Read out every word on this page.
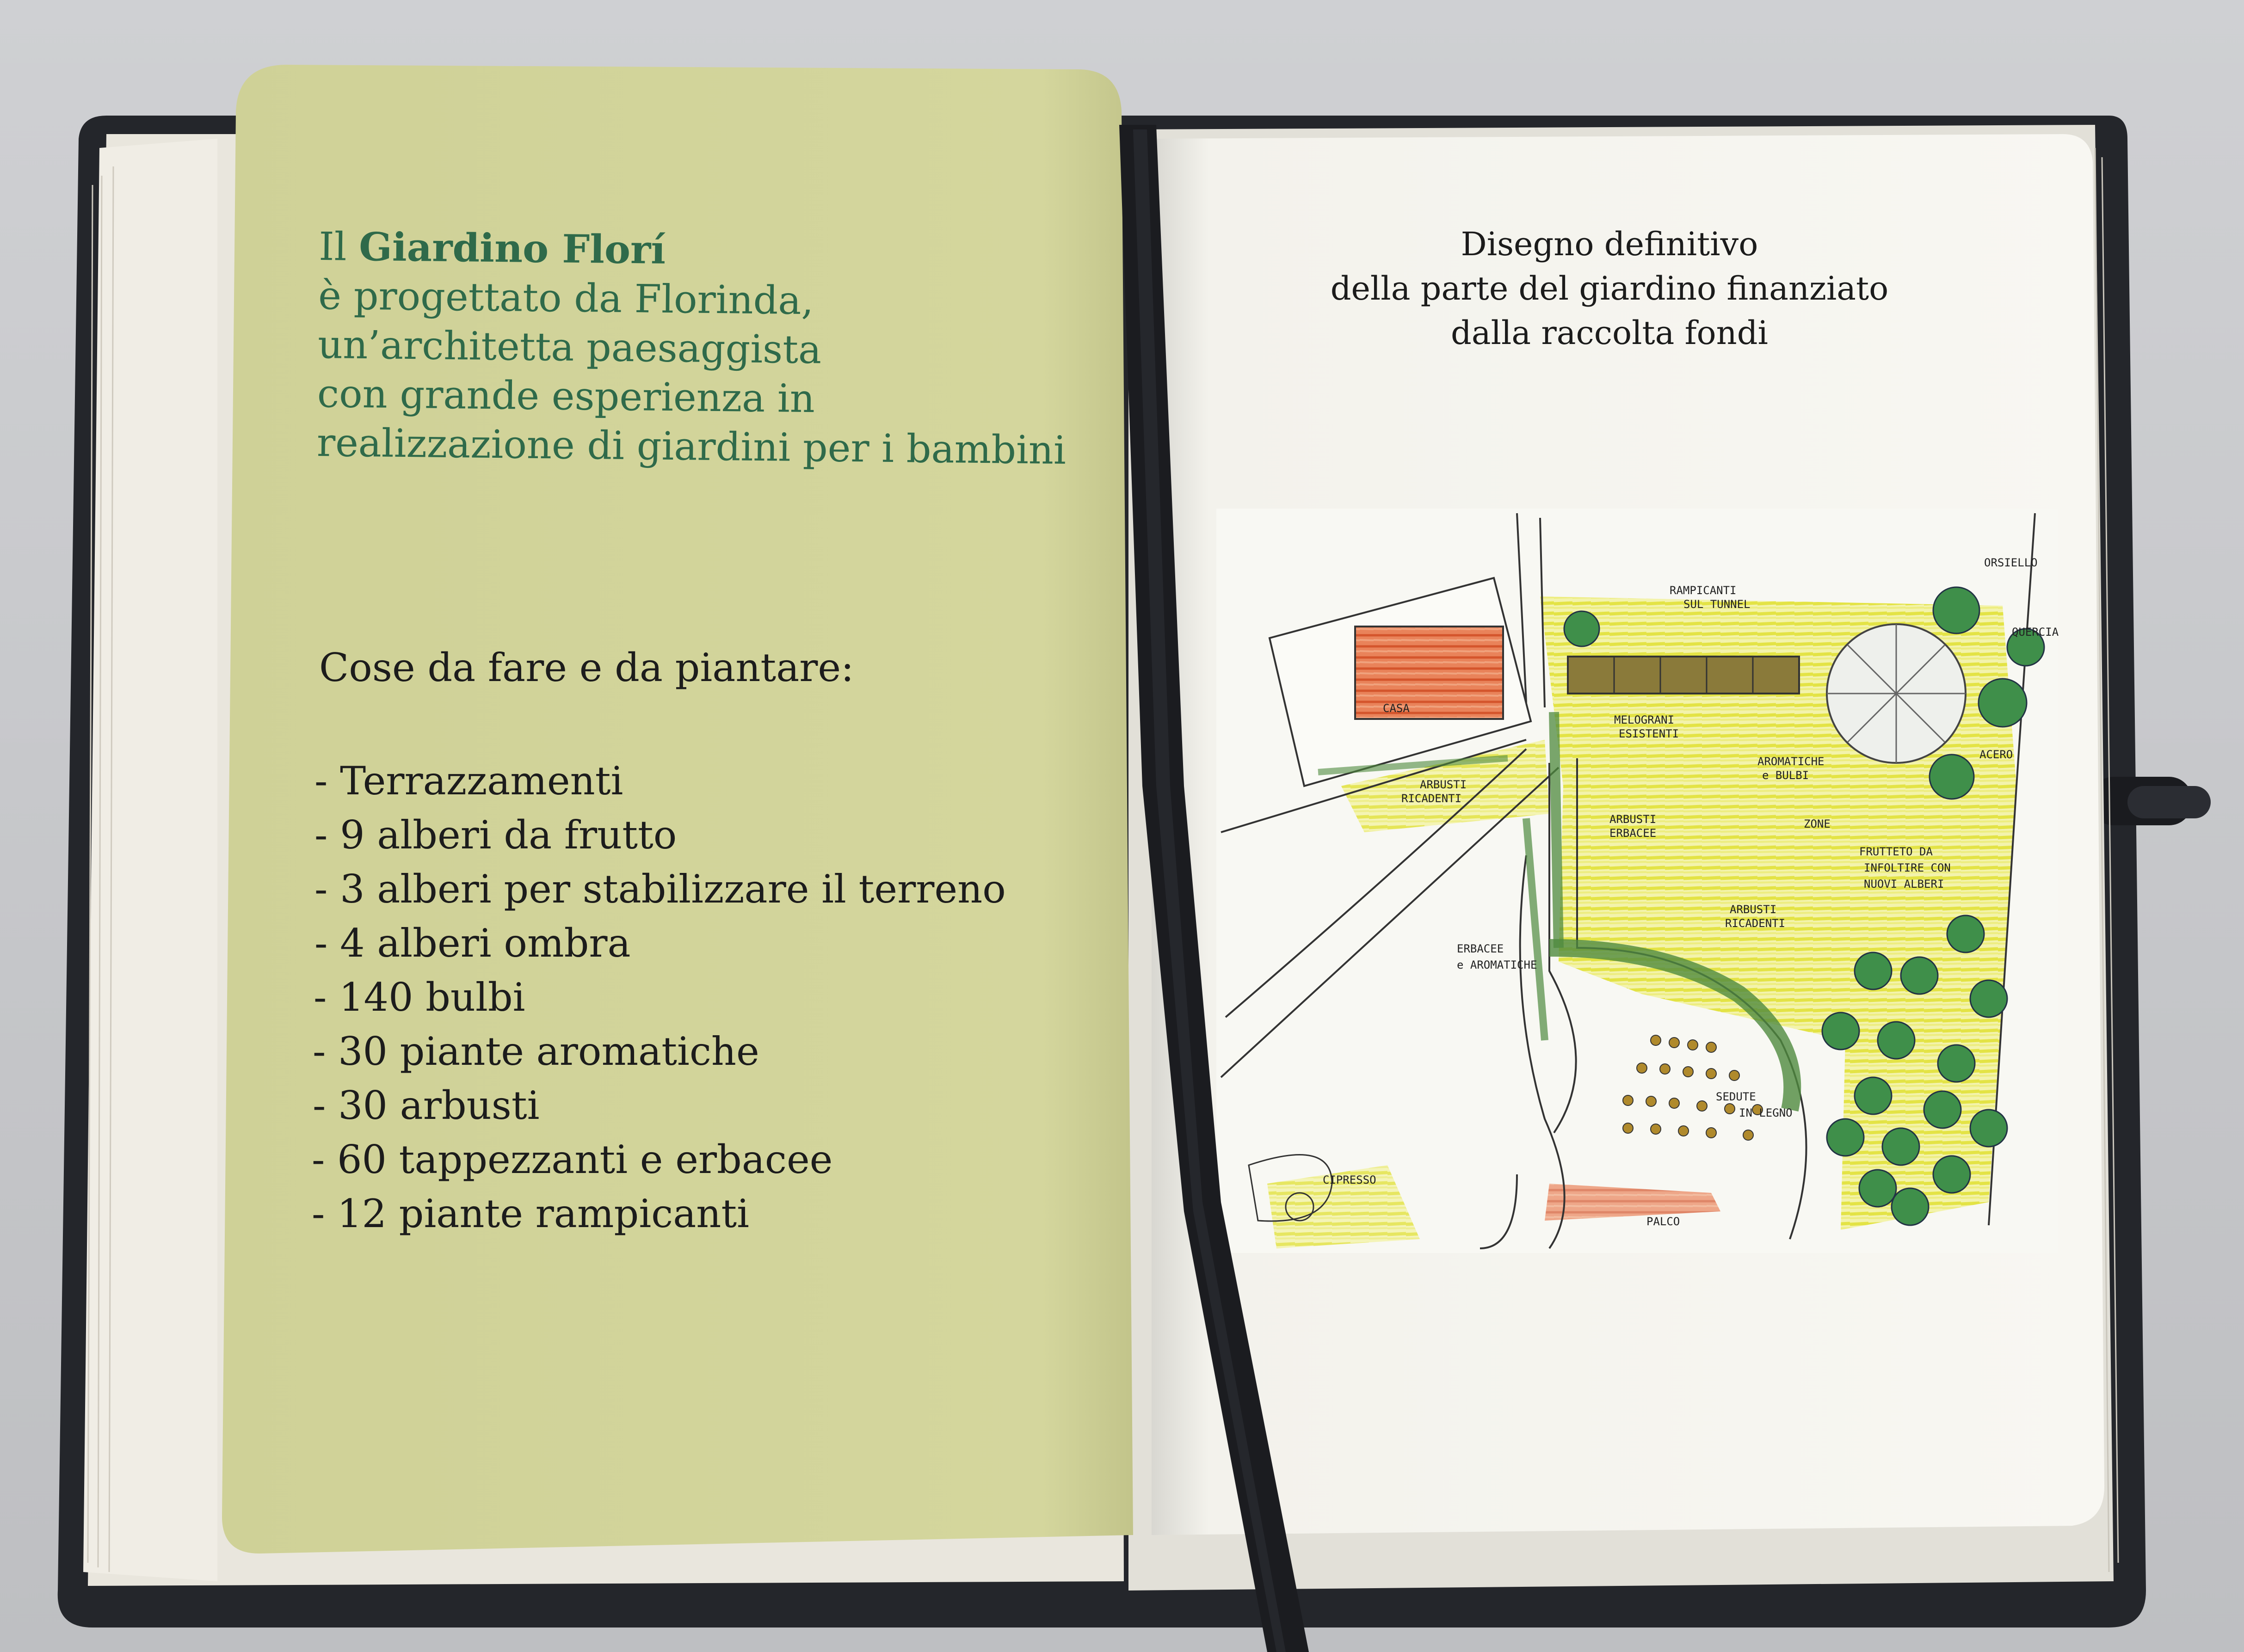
CASA
RAMPICANTI
SUL TUNNEL
ORSIELLO
QUERCIA
MELOGRANI
ESISTENTI
AROMATICHE
e BULBI
ACERO
ARBUSTI
RICADENTI
ARBUSTI
ERBACEE
ZONE
FRUTTETO DA
INFOLTIRE CON
NUOVI ALBERI
ARBUSTI
RICADENTI
ERBACEE
e AROMATICHE
SEDUTE
IN LEGNO
CIPRESSO
PALCO
Il Giardino Florí
è progettato da Florinda,
un’architetta paesaggista
con grande esperienza in
realizzazione di giardini per i bambini
Cose da fare e da piantare:
- Terrazzamenti
- 9 alberi da frutto
- 3 alberi per stabilizzare il terreno
- 4 alberi ombra
- 140 bulbi
- 30 piante aromatiche
- 30 arbusti
- 60 tappezzanti e erbacee
- 12 piante rampicanti
Disegno definitivo
della parte del giardino finanziato
dalla raccolta fondi
